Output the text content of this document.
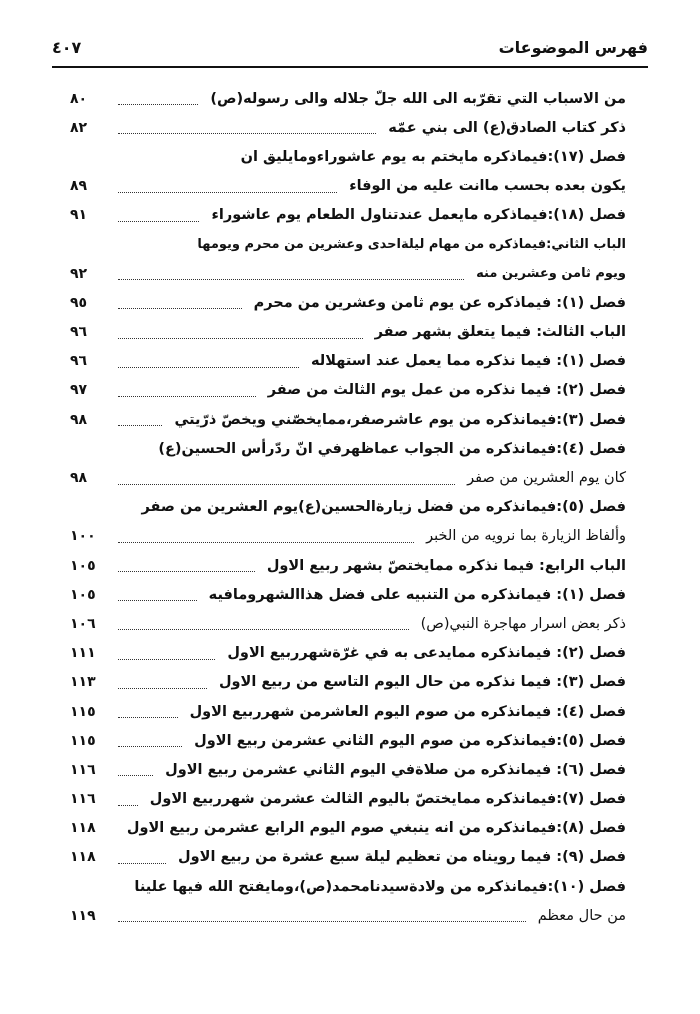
فهرس الموضوعات
٤٠٧
من الاسباب التي تقرّبه الى الله جلّ جلاله والى رسوله(ص)
٨٠
ذكر كتاب الصادق(ع) الى بني عمّه
٨٢
فصل (١٧):فيماذكره مايختم به يوم عاشوراءومايليق ان
يكون بعده بحسب ماانت عليه من الوفاء
٨٩
فصل (١٨):فيماذكره مايعمل عندتناول الطعام يوم عاشوراء
٩١
الباب الثاني:فيماذكره من مهام ليلةاحدى وعشرين من محرم ويومها
ويوم ثامن وعشرين منه
٩٢
فصل (١): فيماذكره عن يوم ثامن وعشرين من محرم
٩٥
الباب الثالث: فيما يتعلق بشهر صفر
٩٦
فصل (١): فيما نذكره مما يعمل عند استهلاله
٩٦
فصل (٢): فيما نذكره من عمل يوم الثالث من صفر
٩٧
فصل (٣):فيمانذكره من يوم عاشرصفر،ممايخصّني ويخصّ ذرّيتي
٩٨
فصل (٤):فيمانذكره من الجواب عماظهرفي انّ ردّرأس الحسين(ع)
كان يوم العشرين من صفر
٩٨
فصل (٥):فيمانذكره من فضل زيارةالحسين(ع)يوم العشرين من صفر
وألفاظ الزيارة بما نرويه من الخبر
١٠٠
الباب الرابع: فيما نذكره ممايختصّ بشهر ربيع الاول
١٠٥
فصل (١): فيمانذكره من التنبيه على فضل هذاالشهرومافيه
١٠٥
ذكر بعض اسرار مهاجرة النبي(ص)
١٠٦
فصل (٢): فيمانذكره ممايدعى به في غرّةشهرربيع الاول
١١١
فصل (٣): فيما نذكره من حال اليوم التاسع من ربيع الاول
١١٣
فصل (٤): فيمانذكره من صوم اليوم العاشرمن شهرربيع الاول
١١٥
فصل (٥):فيمانذكره من صوم اليوم الثاني عشرمن ربيع الاول
١١٥
فصل (٦): فيمانذكره من صلاةفي اليوم الثاني عشرمن ربيع الاول
١١٦
فصل (٧):فيمانذكره ممايختصّ باليوم الثالث عشرمن شهرربيع الاول
١١٦
فصل (٨):فيمانذكره من انه ينبغي صوم اليوم الرابع عشرمن ربيع الاول
١١٨
فصل (٩): فيما رويناه من تعظيم ليلة سبع عشرة من ربيع الاول
١١٨
فصل (١٠):فيمانذكره من ولادةسيدنامحمد(ص)،ومايفتح الله فيها علينا
من حال معظم
١١٩
